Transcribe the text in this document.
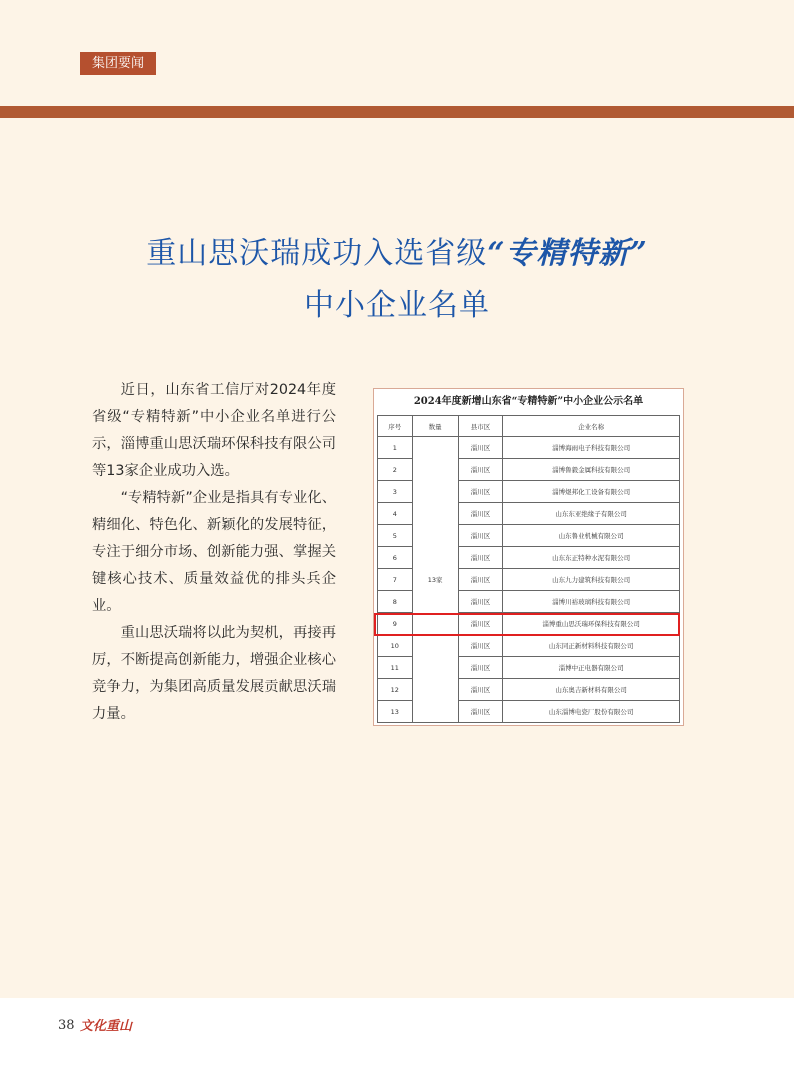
集团要闻
重山思沃瑞成功入选省级“专精特新”
中小企业名单

近日，山东省工信厅对2024年度省级“专精特新”中小企业名单进行公示，淄博重山思沃瑞环保科技有限公司等13家企业成功入选。

“专精特新”企业是指具有专业化、精细化、特色化、新颖化的发展特征，专注于细分市场、创新能力强、掌握关键核心技术、质量效益优的排头兵企业。

重山思沃瑞将以此为契机，再接再厉，不断提高创新能力，增强企业核心竞争力，为集团高质量发展贡献思沃瑞力量。

2024年度新增山东省“专精特新”中小企业公示名单
序号	数量	县市区	企业名称
1	13家	淄川区	淄博海雨电子科技有限公司
2		淄川区	淄博鲁毅金属科技有限公司
3		淄川区	淄博煜邦化工设备有限公司
4		淄川区	山东东亚绝缘子有限公司
5		淄川区	山东鲁业机械有限公司
6		淄川区	山东东正特种水泥有限公司
7		淄川区	山东九力建筑科技有限公司
8		淄川区	淄博川裕玻璃科技有限公司
9		淄川区	淄博重山思沃瑞环保科技有限公司
10		淄川区	山东同正新材料科技有限公司
11		淄川区	淄博中正电器有限公司
12		淄川区	山东奥吉新材料有限公司
13		淄川区	山东淄博电瓷厂股份有限公司
38 文化重山
